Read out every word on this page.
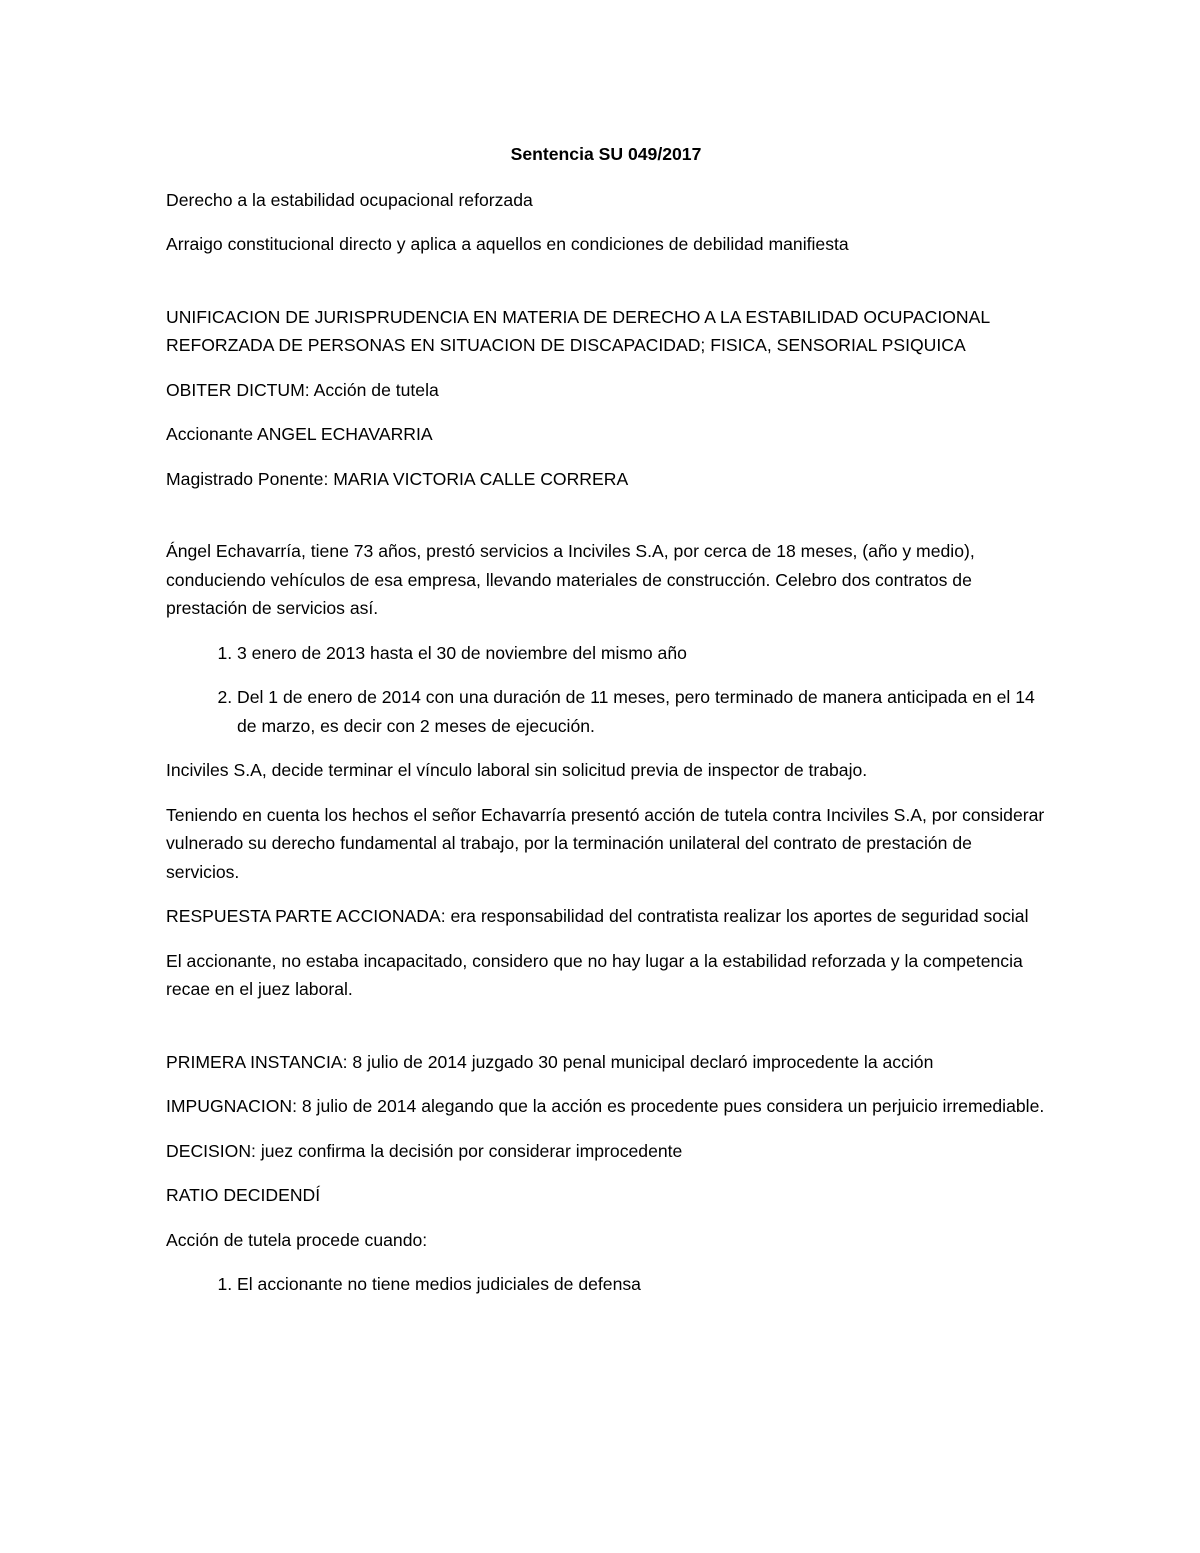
Sentencia SU 049/2017

Derecho a la estabilidad ocupacional reforzada

Arraigo constitucional directo y aplica a aquellos en condiciones de debilidad manifiesta

UNIFICACION DE JURISPRUDENCIA EN MATERIA DE DERECHO A LA ESTABILIDAD OCUPACIONAL REFORZADA DE PERSONAS EN SITUACION DE DISCAPACIDAD; FISICA, SENSORIAL PSIQUICA

OBITER DICTUM: Acción de tutela

Accionante ANGEL ECHAVARRIA

Magistrado Ponente: MARIA VICTORIA CALLE CORRERA

Ángel Echavarría, tiene 73 años, prestó servicios a Inciviles S.A, por cerca de 18 meses, (año y medio), conduciendo vehículos de esa empresa, llevando materiales de construcción. Celebro dos contratos de prestación de servicios así.

1. 3 enero de 2013 hasta el 30 de noviembre del mismo año
2. Del 1 de enero de 2014 con una duración de 11 meses, pero terminado de manera anticipada en el 14 de marzo, es decir con 2 meses de ejecución.

Inciviles S.A, decide terminar el vínculo laboral sin solicitud previa de inspector de trabajo.

Teniendo en cuenta los hechos el señor Echavarría presentó acción de tutela contra Inciviles S.A, por considerar vulnerado su derecho fundamental al trabajo, por la terminación unilateral del contrato de prestación de servicios.

RESPUESTA PARTE ACCIONADA: era responsabilidad del contratista realizar los aportes de seguridad social

El accionante, no estaba incapacitado, considero que no hay lugar a la estabilidad reforzada y la competencia recae en el juez laboral.

PRIMERA INSTANCIA: 8 julio de 2014 juzgado 30 penal municipal declaró improcedente la acción

IMPUGNACION: 8 julio de 2014 alegando que la acción es procedente pues considera un perjuicio irremediable.

DECISION: juez confirma la decisión por considerar improcedente

RATIO DECIDENDÍ

Acción de tutela procede cuando:

1. El accionante no tiene medios judiciales de defensa
